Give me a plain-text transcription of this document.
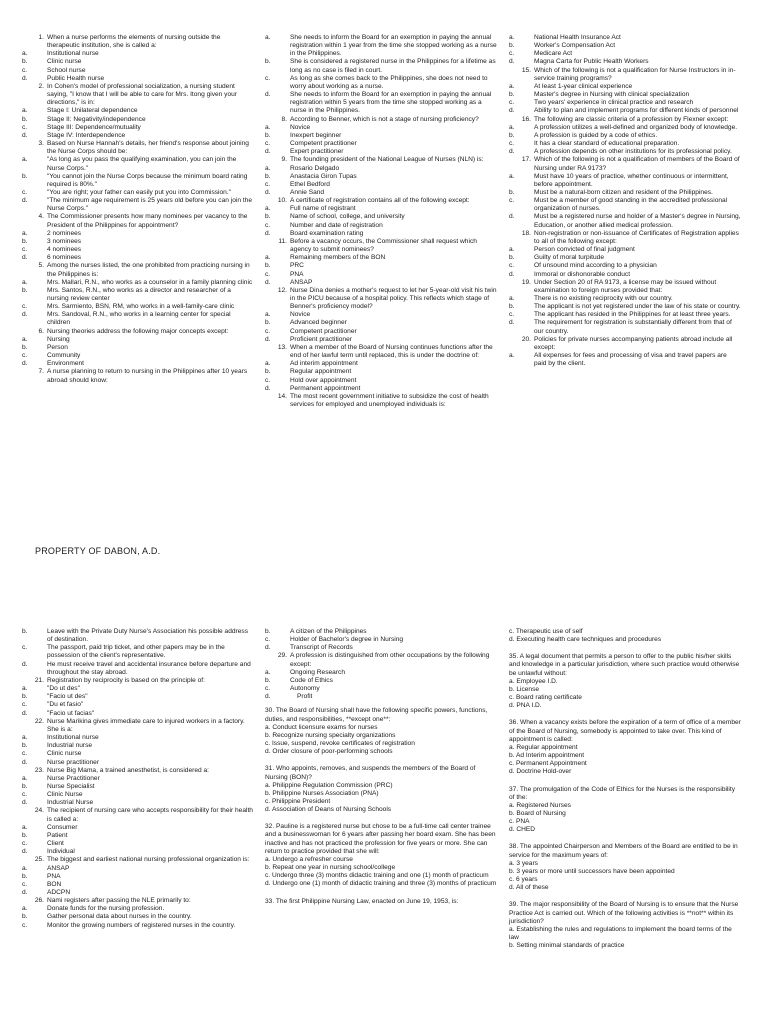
1. When a nurse performs the elements of nursing outside the therapeutic institution, she is called a:
a.	Institutional nurse
b.	Clinic nurse
c.	School nurse
d.	Public Health nurse
2. In Cohen's model of professional socialization, a nursing student saying, "I know that I will be able to care for Mrs. Itong given your directions," is in:
a.	Stage I: Unilateral dependence
b.	Stage II: Negativity/independence
c.	Stage III: Dependence/mutuality
d.	Stage IV: Interdependence
3. Based on Nurse Hannah's details, her friend's response about joining the Nurse Corps should be:
a.	"As long as you pass the qualifying examination, you can join the Nurse Corps."
b.	"You cannot join the Nurse Corps because the minimum board rating required is 80%."
c.	"You are right; your father can easily put you into Commission."
d.	"The minimum age requirement is 25 years old before you can join the Nurse Corps."
4. The Commissioner presents how many nominees per vacancy to the President of the Philippines for appointment?
a.	2 nominees
b.	3 nominees
c.	4 nominees
d.	6 nominees
5. Among the nurses listed, the one prohibited from practicing nursing in the Philippines is:
a.	Mrs. Mallari, R.N., who works as a counselor in a family planning clinic
b.	Mrs. Santos, R.N., who works as a director and researcher of a nursing review center
c.	Mrs. Sarmiento, BSN, RM, who works in a well-family-care clinic
d.	Mrs. Sandoval, R.N., who works in a learning center for special children
6. Nursing theories address the following major concepts except:
a.	Nursing
b.	Person
c.	Community
d.	Environment
7. A nurse planning to return to nursing in the Philippines after 10 years abroad should know:
a.	She needs to inform the Board for an exemption in paying the annual registration within 1 year from the time she stopped working as a nurse in the Philippines.
b.	She is considered a registered nurse in the Philippines for a lifetime as long as no case is filed in court.
c.	As long as she comes back to the Philippines, she does not need to worry about working as a nurse.
d.	She needs to inform the Board for an exemption in paying the annual registration within 5 years from the time she stopped working as a nurse in the Philippines.
8. According to Benner, which is not a stage of nursing proficiency?
a.	Novice
b.	Inexpert beginner
c.	Competent practitioner
d.	Expert practitioner
9. The founding president of the National League of Nurses (NLN) is:
a.	Rosario Delgado
b.	Anastacia Giron Tupas
c.	Ethel Bedford
d.	Annie Sand
10. A certificate of registration contains all of the following except:
a.	Full name of registrant
b.	Name of school, college, and university
c.	Number and date of registration
d.	Board examination rating
11. Before a vacancy occurs, the Commissioner shall request which agency to submit nominees?
a.	Remaining members of the BON
b.	PRC
c.	PNA
d.	ANSAP
12. Nurse Dina denies a mother's request to let her 5-year-old visit his twin in the PICU because of a hospital policy. This reflects which stage of Benner's proficiency model?
a.	Novice
b.	Advanced beginner
c.	Competent practitioner
d.	Proficient practitioner
13. When a member of the Board of Nursing continues functions after the end of her lawful term until replaced, this is under the doctrine of:
a.	Ad interim appointment
b.	Regular appointment
c.	Hold over appointment
d.	Permanent appointment
14. The most recent government initiative to subsidize the cost of health services for employed and unemployed individuals is:
a.	National Health Insurance Act
b.	Worker's Compensation Act
c.	Medicare Act
d.	Magna Carta for Public Health Workers
15. Which of the following is not a qualification for Nurse Instructors in in-service training programs?
a.	At least 1-year clinical experience
b.	Master's degree in Nursing with clinical specialization
c.	Two years' experience in clinical practice and research
d.	Ability to plan and implement programs for different kinds of personnel
16. The following are classic criteria of a profession by Flexner except:
a.	A profession utilizes a well-defined and organized body of knowledge.
b.	A profession is guided by a code of ethics.
c.	It has a clear standard of educational preparation.
d.	A profession depends on other institutions for its professional policy.
17. Which of the following is not a qualification of members of the Board of Nursing under RA 9173?
a.	Must have 10 years of practice, whether continuous or intermittent, before appointment.
b.	Must be a natural-born citizen and resident of the Philippines.
c.	Must be a member of good standing in the accredited professional organization of nurses.
d.	Must be a registered nurse and holder of a Master's degree in Nursing, Education, or another allied medical profession.
18. Non-registration or non-issuance of Certificates of Registration applies to all of the following except:
a.	Person convicted of final judgment
b.	Guilty of moral turpitude
c.	Of unsound mind according to a physician
d.	Immoral or dishonorable conduct
19. Under Section 20 of RA 9173, a license may be issued without examination to foreign nurses provided that:
a.	There is no existing reciprocity with our country.
b.	The applicant is not yet registered under the law of his state or country.
c.	The applicant has resided in the Philippines for at least three years.
d.	The requirement for registration is substantially different from that of our country.
20. Policies for private nurses accompanying patients abroad include all except:
a.	All expenses for fees and processing of visa and travel papers are paid by the client.
PROPERTY OF DABON, A.D.
b.	Leave with the Private Duty Nurse's Association his possible address of destination.
c.	The passport, paid trip ticket, and other papers may be in the possession of the client's representative.
d.	He must receive travel and accidental insurance before departure and throughout the stay abroad.
21. Registration by reciprocity is based on the principle of:
a.	"Do ut des"
b.	"Facio ut des"
c.	"Du et fasio"
d.	"Facio ut facias"
22. Nurse Marikina gives immediate care to injured workers in a factory. She is a:
a.	Institutional nurse
b.	Industrial nurse
c.	Clinic nurse
d.	Nurse practitioner
23. Nurse Big Mama, a trained anesthetist, is considered a:
a.	Nurse Practitioner
b.	Nurse Specialist
c.	Clinic Nurse
d.	Industrial Nurse
24. The recipient of nursing care who accepts responsibility for their health is called a:
a.	Consumer
b.	Patient
c.	Client
d.	Individual
25. The biggest and earliest national nursing professional organization is:
a.	ANSAP
b.	PNA
c.	BON
d.	ADCPN
26. Nami registers after passing the NLE primarily to:
a.	Donate funds for the nursing profession.
b.	Gather personal data about nurses in the country.
c.	Monitor the growing numbers of registered nurses in the country.
b.	A citizen of the Philippines
c.	Holder of Bachelor's degree in Nursing
d.	Transcript of Records
29. A profession is distinguished from other occupations by the following except:
a.	Ongoing Research
b.	Code of Ethics
c.	Autonomy
d.	Profit

30. The Board of Nursing shall have the following specific powers, functions, duties, and responsibilities, **except one**:

a. Conduct licensure exams for nurses

b. Recognize nursing specialty organizations

c. Issue, suspend, revoke certificates of registration

d. Order closure of poor-performing schools

31. Who appoints, removes, and suspends the members of the Board of Nursing (BON)?

a. Philippine Regulation Commission (PRC)

b. Philippine Nurses Association (PNA)

c. Philippine President

d. Association of Deans of Nursing Schools

32. Pauline is a registered nurse but chose to be a full-time call center trainee and a businesswoman for 6 years after passing her board exam. She has been inactive and has not practiced the profession for five years or more. She can return to practice provided that she will:

a. Undergo a refresher course

b. Repeat one year in nursing school/college

c. Undergo three (3) months didactic training and one (1) month of practicum

d. Undergo one (1) month of didactic training and three (3) months of practicum

33. The first Philippine Nursing Law, enacted on June 19, 1953, is:

c. Therapeutic use of self

d. Executing health care techniques and procedures

35. A legal document that permits a person to offer to the public his/her skills and knowledge in a particular jurisdiction, where such practice would otherwise be unlawful without:

a. Employee I.D.

b. License

c. Board rating certificate

d. PNA I.D.

36. When a vacancy exists before the expiration of a term of office of a member of the Board of Nursing, somebody is appointed to take over. This kind of appointment is called:

a. Regular appointment

b. Ad Interim appointment

c. Permanent Appointment

d. Doctrine Hold-over

37. The promulgation of the Code of Ethics for the Nurses is the responsibility of the:

a. Registered Nurses

b. Board of Nursing

c. PNA

d. CHED

38. The appointed Chairperson and Members of the Board are entitled to be in service for the maximum years of:

a. 3 years

b. 3 years or more until successors have been appointed

c. 6 years

d. All of these

39. The major responsibility of the Board of Nursing is to ensure that the Nurse Practice Act is carried out. Which of the following activities is **not** within its jurisdiction?

a. Establishing the rules and regulations to implement the board terms of the law

b. Setting minimal standards of practice
